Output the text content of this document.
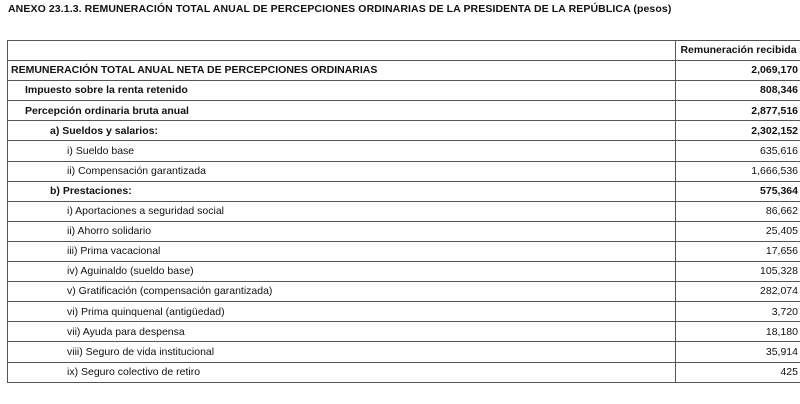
ANEXO 23.1.3. REMUNERACIÓN TOTAL ANUAL DE PERCEPCIONES ORDINARIAS DE LA PRESIDENTA DE LA REPÚBLICA (pesos)
	Remuneración recibida
REMUNERACIÓN TOTAL ANUAL NETA DE PERCEPCIONES ORDINARIAS	2,069,170
Impuesto sobre la renta retenido	808,346
Percepción ordinaria bruta anual	2,877,516
a) Sueldos y salarios:	2,302,152
i) Sueldo base	635,616
ii) Compensación garantizada	1,666,536
b) Prestaciones:	575,364
i) Aportaciones a seguridad social	86,662
ii) Ahorro solidario	25,405
iii) Prima vacacional	17,656
iv) Aguinaldo (sueldo base)	105,328
v) Gratificación (compensación garantizada)	282,074
vi) Prima quinquenal (antigüedad)	3,720
vii) Ayuda para despensa	18,180
viii) Seguro de vida institucional	35,914
ix) Seguro colectivo de retiro	425
